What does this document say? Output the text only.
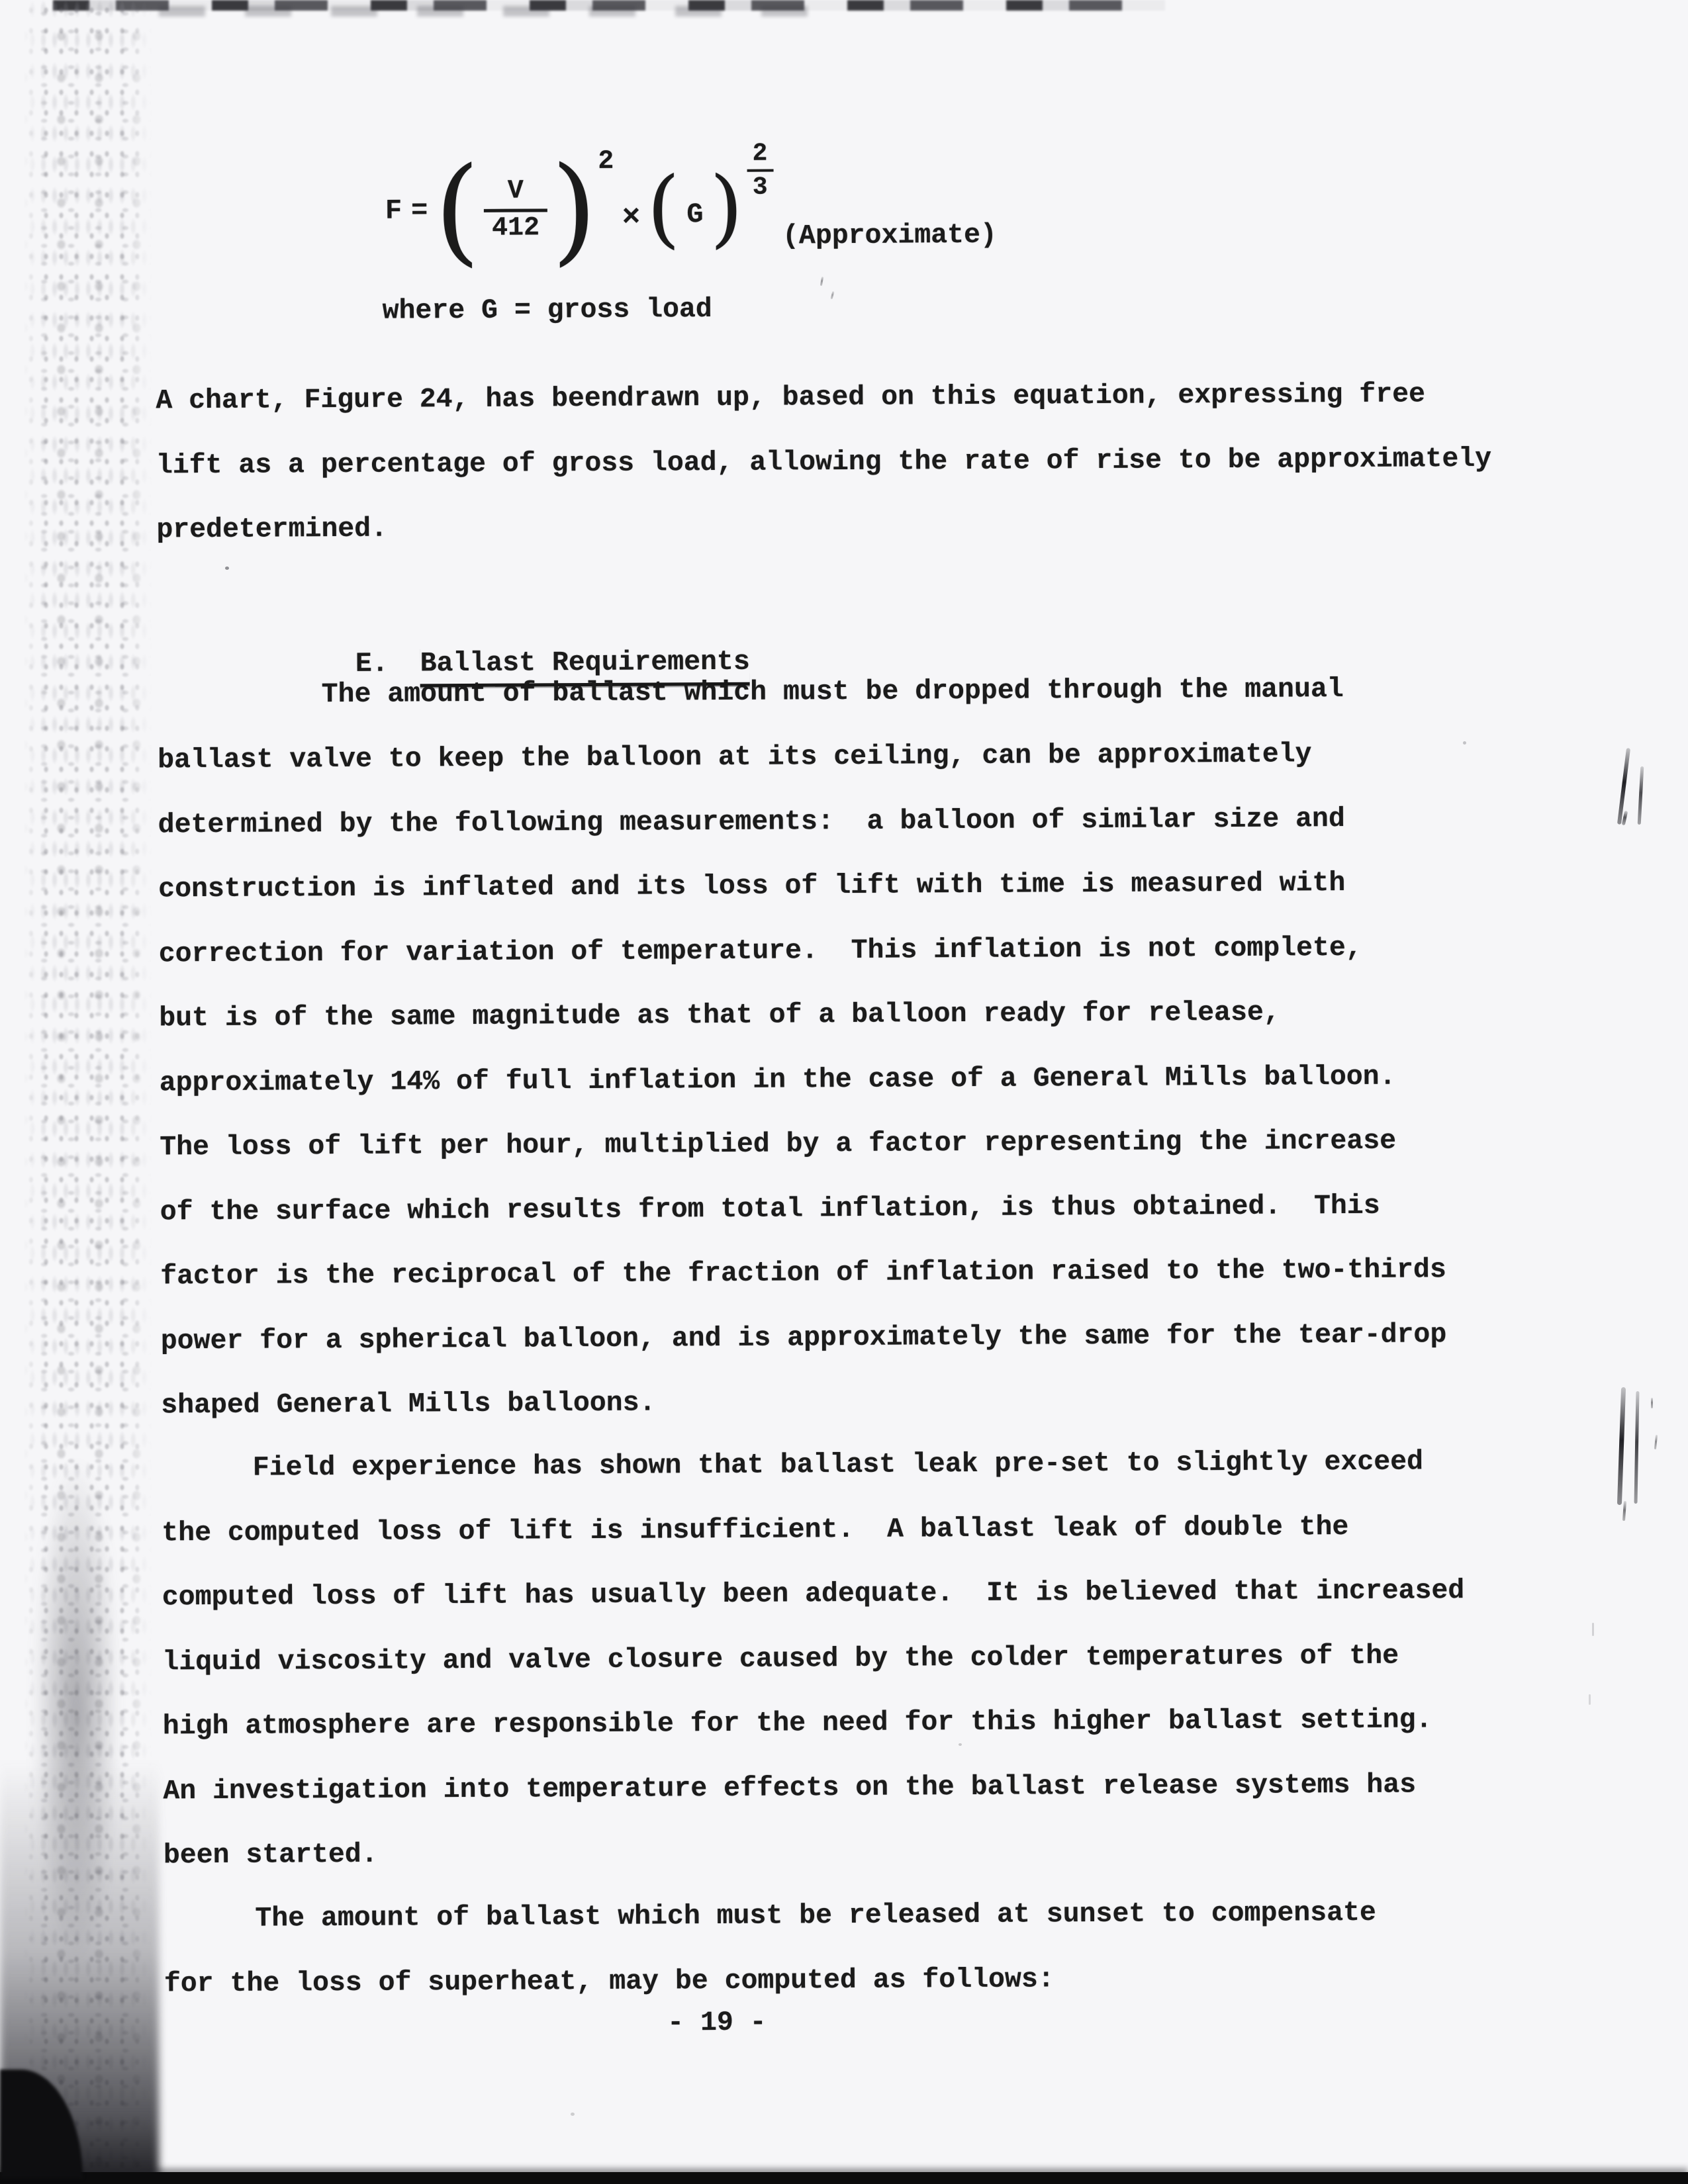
F = ( V
412 ) 2
× ( G )
2
3
(Approximate)
where G = gross load
A chart, Figure 24, has beendrawn up, based on this equation, expressing free
lift as a percentage of gross load, allowing the rate of rise to be approximately
predetermined.

E. Ballast Requirements

The amount of ballast which must be dropped through the manual
ballast valve to keep the balloon at its ceiling, can be approximately
determined by the following measurements:  a balloon of similar size and
construction is inflated and its loss of lift with time is measured with
correction for variation of temperature.  This inflation is not complete,
but is of the same magnitude as that of a balloon ready for release,
approximately 14% of full inflation in the case of a General Mills balloon.
The loss of lift per hour, multiplied by a factor representing the increase
of the surface which results from total inflation, is thus obtained.  This
factor is the reciprocal of the fraction of inflation raised to the two-thirds
power for a spherical balloon, and is approximately the same for the tear-drop
shaped General Mills balloons.
Field experience has shown that ballast leak pre-set to slightly exceed
the computed loss of lift is insufficient.  A ballast leak of double the
computed loss of lift has usually been adequate.  It is believed that increased
liquid viscosity and valve closure caused by the colder temperatures of the
high atmosphere are responsible for the need for this higher ballast setting.
An investigation into temperature effects on the ballast release systems has
been started.
The amount of ballast which must be released at sunset to compensate
for the loss of superheat, may be computed as follows:
- 19 -
